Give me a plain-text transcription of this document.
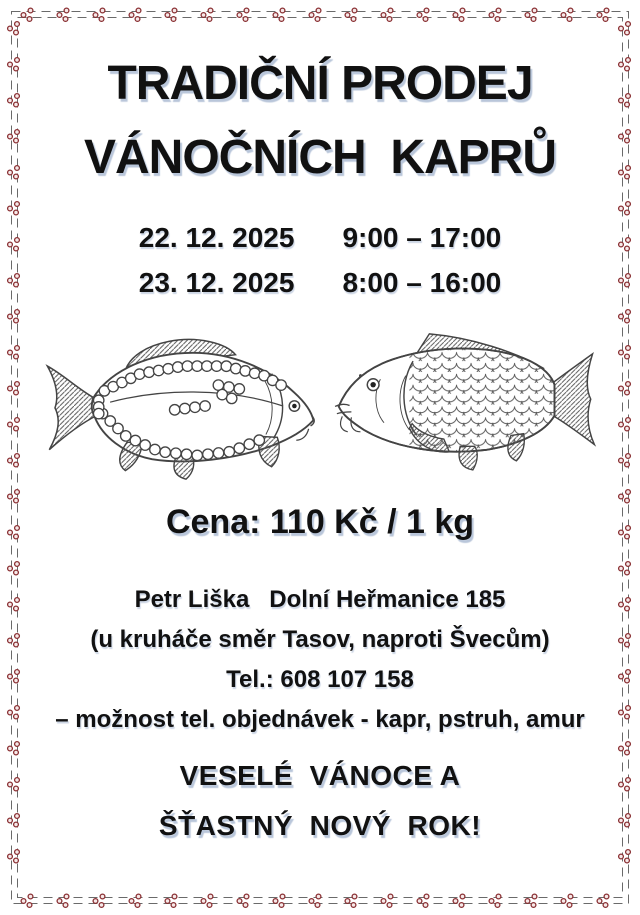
TRADIČNÍ PRODEJ
VÁNOČNÍCH  KAPRŮ
22. 12. 2025 9:00 – 17:00
23. 12. 2025 8:00 – 16:00
Cena: 110 Kč / 1 kg
Petr Liška   Dolní Heřmanice 185
(u kruháče směr Tasov, naproti Švecům)
Tel.: 608 107 158
– možnost tel. objednávek - kapr, pstruh, amur
VESELÉ  VÁNOCE A
ŠŤASTNÝ  NOVÝ  ROK!
